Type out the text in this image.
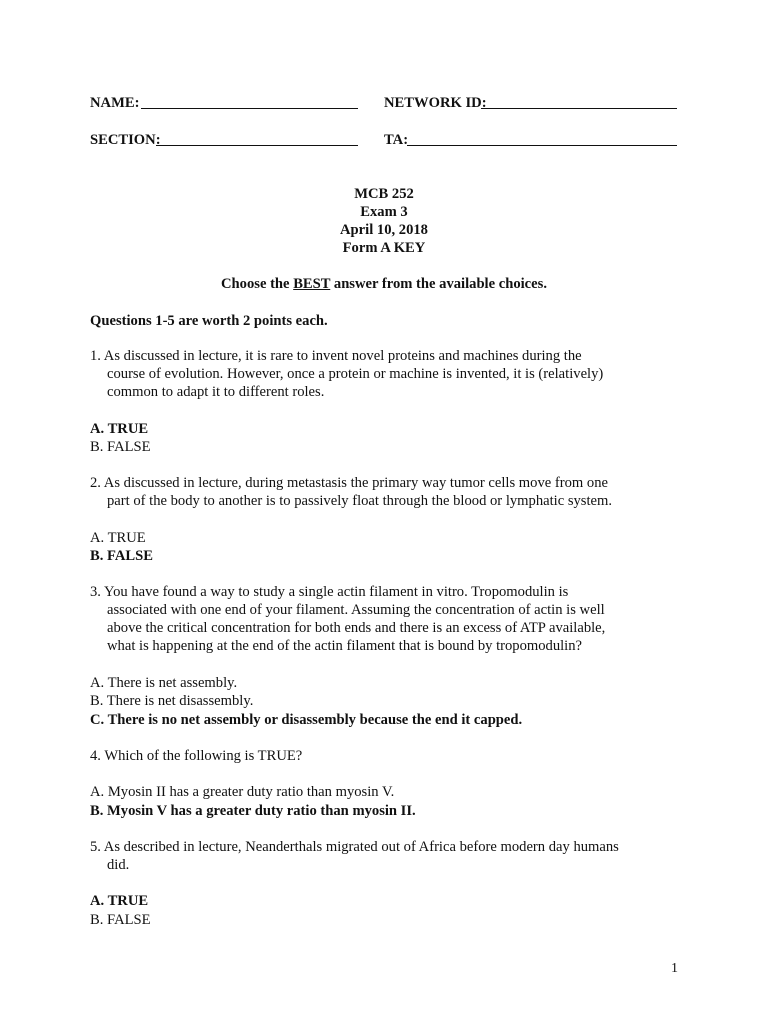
NAME:	NETWORK ID:
SECTION:	TA:
MCB 252
Exam 3
April 10, 2018
Form A KEY
Choose the BEST answer from the available choices.
Questions 1-5 are worth 2 points each.
1. As discussed in lecture, it is rare to invent novel proteins and machines during the
course of evolution. However, once a protein or machine is invented, it is (relatively)
common to adapt it to different roles.
A. TRUE
B. FALSE
2. As discussed in lecture, during metastasis the primary way tumor cells move from one
part of the body to another is to passively float through the blood or lymphatic system.
A. TRUE
B. FALSE
3. You have found a way to study a single actin filament in vitro. Tropomodulin is
associated with one end of your filament. Assuming the concentration of actin is well
above the critical concentration for both ends and there is an excess of ATP available,
what is happening at the end of the actin filament that is bound by tropomodulin?
A. There is net assembly.
B. There is net disassembly.
C. There is no net assembly or disassembly because the end it capped.
4. Which of the following is TRUE?
A. Myosin II has a greater duty ratio than myosin V.
B. Myosin V has a greater duty ratio than myosin II.
5. As described in lecture, Neanderthals migrated out of Africa before modern day humans
did.
A. TRUE
B. FALSE
1
